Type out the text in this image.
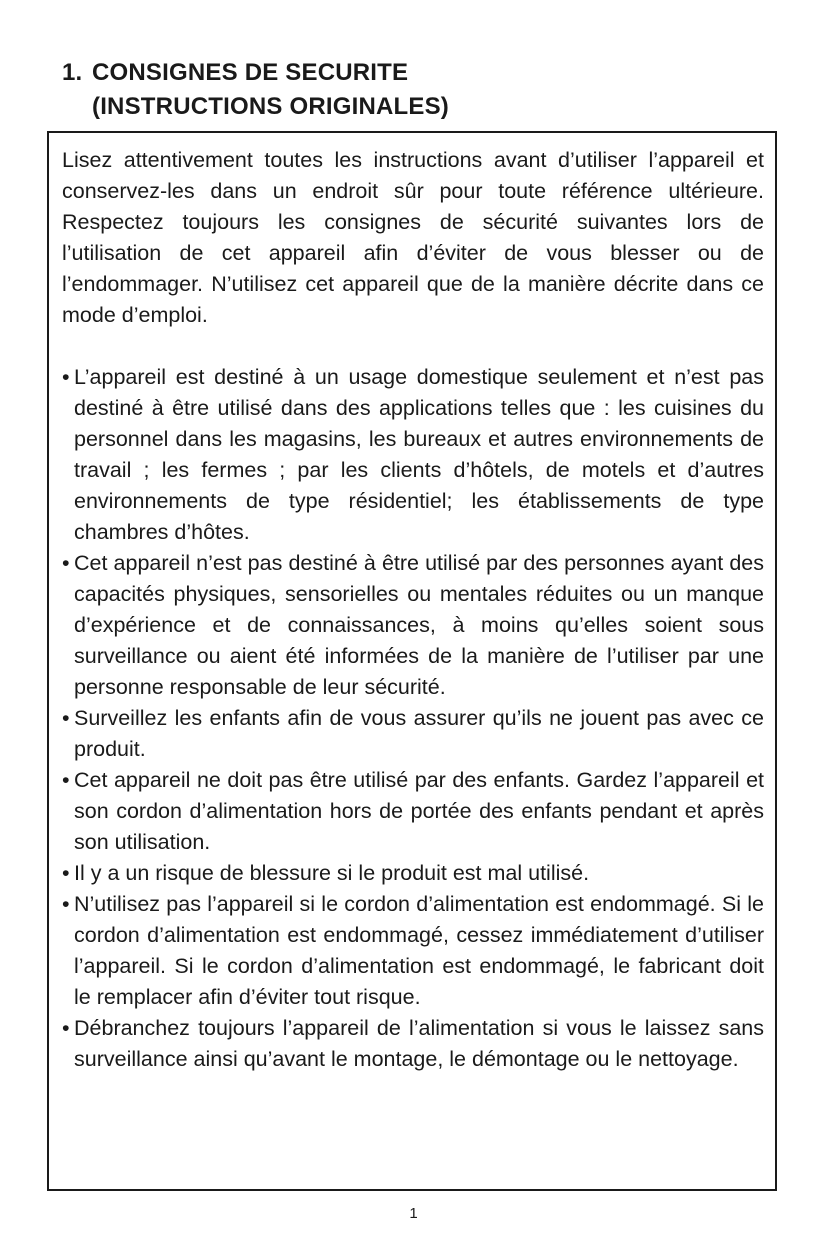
1. CONSIGNES DE SECURITE
(INSTRUCTIONS ORIGINALES)

Lisez attentivement toutes les instructions avant d’utiliser l’appareil et conservez-les dans un endroit sûr pour toute référence ultérieure. Respectez toujours les consignes de sécurité suivantes lors de l’utilisation de cet appareil afin d’éviter de vous blesser ou de l’endommager. N’utilisez cet appareil que de la manière décrite dans ce mode d’emploi.

• L’appareil est destiné à un usage domestique seulement et n’est pas destiné à être utilisé dans des applications telles que : les cuisines du personnel dans les magasins, les bureaux et autres environnements de travail ; les fermes ; par les clients d’hôtels, de motels et d’autres environnements de type résidentiel; les établissements de type chambres d’hôtes.
• Cet appareil n’est pas destiné à être utilisé par des personnes ayant des capacités physiques, sensorielles ou mentales réduites ou un manque d’expérience et de connaissances, à moins qu’elles soient sous surveillance ou aient été informées de la manière de l’utiliser par une personne responsable de leur sécurité.
• Surveillez les enfants afin de vous assurer qu’ils ne jouent pas avec ce produit.
• Cet appareil ne doit pas être utilisé par des enfants. Gardez l’appareil et son cordon d’alimentation hors de portée des enfants pendant et après son utilisation.
• Il y a un risque de blessure si le produit est mal utilisé.
• N’utilisez pas l’appareil si le cordon d’alimentation est endommagé. Si le cordon d’alimentation est endommagé, cessez immédiatement d’utiliser l’appareil. Si le cordon d’alimentation est endommagé, le fabricant doit le remplacer afin d’éviter tout risque.
• Débranchez toujours l’appareil de l’alimentation si vous le laissez sans surveillance ainsi qu’avant le montage, le démontage ou le nettoyage.
1
